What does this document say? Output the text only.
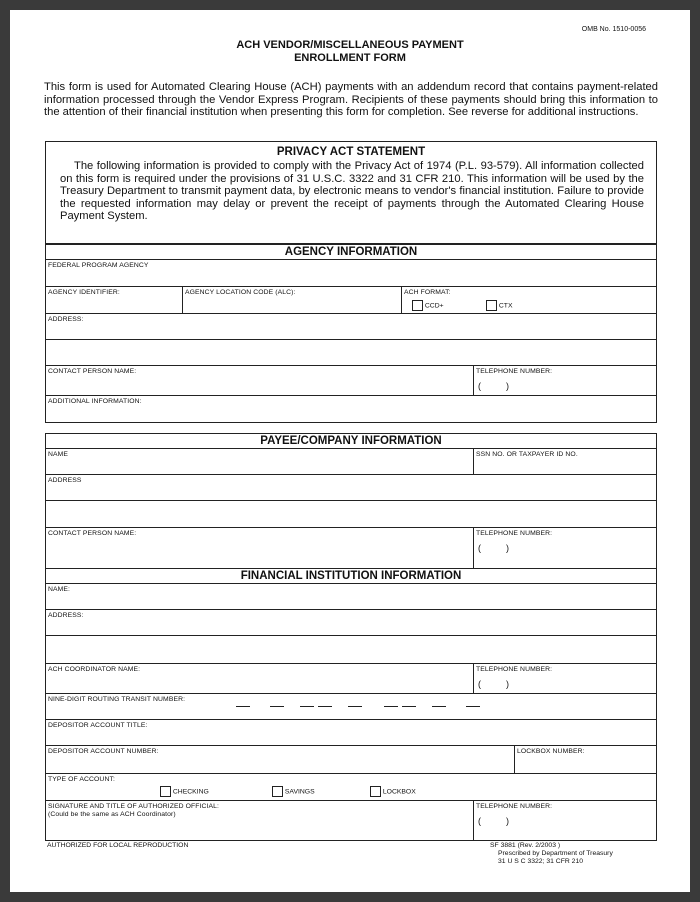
OMB No. 1510-0056
ACH VENDOR/MISCELLANEOUS PAYMENT
ENROLLMENT FORM
This form is used for Automated Clearing House (ACH) payments with an addendum record that contains payment-related information processed through the Vendor Express Program. Recipients of these payments should bring this information to the attention of their financial institution when presenting this form for completion. See reverse for additional instructions.
PRIVACY ACT STATEMENT
The following information is provided to comply with the Privacy Act of 1974 (P.L. 93-579). All information collected on this form is required under the provisions of 31 U.S.C. 3322 and 31 CFR 210. This information will be used by the Treasury Department to transmit payment data, by electronic means to vendor's financial institution. Failure to provide the requested information may delay or prevent the receipt of payments through the Automated Clearing House Payment System.
AGENCY INFORMATION
FEDERAL PROGRAM AGENCY
AGENCY IDENTIFIER:	AGENCY LOCATION CODE (ALC):	ACH FORMAT:
CCD+	CTX
ADDRESS:
CONTACT PERSON NAME:	TELEPHONE NUMBER:
(          )
ADDITIONAL INFORMATION:
PAYEE/COMPANY INFORMATION
NAME	SSN NO. OR TAXPAYER ID NO.
ADDRESS
CONTACT PERSON NAME:	TELEPHONE NUMBER:
(          )
FINANCIAL INSTITUTION INFORMATION
NAME:
ADDRESS:
ACH COORDINATOR NAME:	TELEPHONE NUMBER:
(          )
NINE-DIGIT ROUTING TRANSIT NUMBER:
DEPOSITOR ACCOUNT TITLE:
DEPOSITOR ACCOUNT NUMBER:	LOCKBOX NUMBER:
TYPE OF ACCOUNT:
CHECKING	SAVINGS	LOCKBOX
SIGNATURE AND TITLE OF AUTHORIZED OFFICIAL:
(Could be the same as ACH Coordinator)
TELEPHONE NUMBER:
(          )
AUTHORIZED FOR LOCAL REPRODUCTION	SF 3881 (Rev. 2/2003 )
Prescribed by Department of Treasury
31 U S C 3322; 31 CFR 210
